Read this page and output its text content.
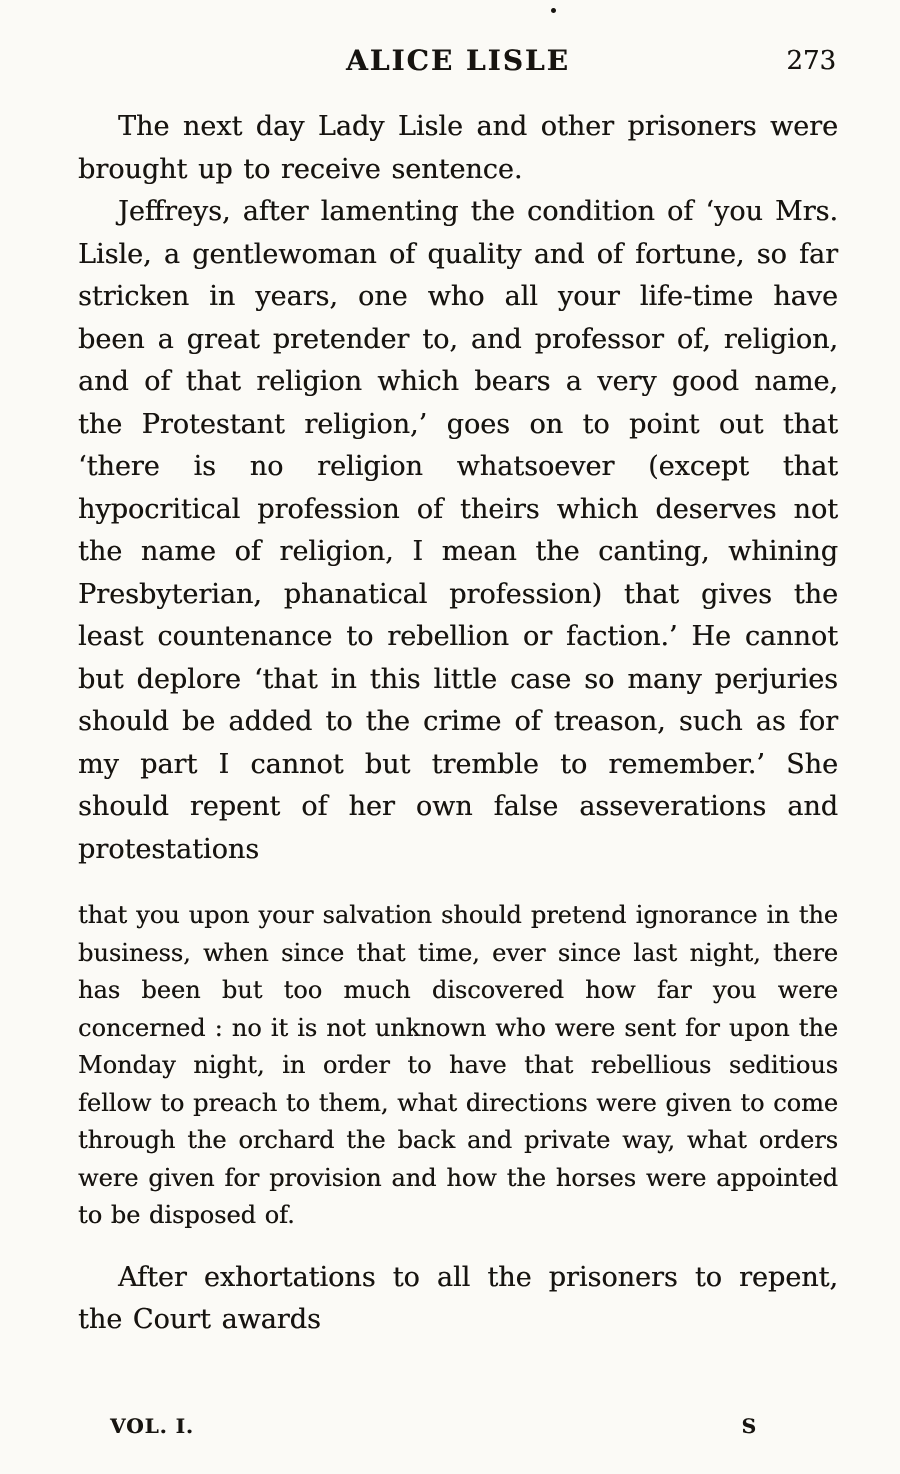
ALICE LISLE	273

The next day Lady Lisle and other prisoners were brought up to receive sentence.

Jeffreys, after lamenting the condition of ‘you Mrs. Lisle, a gentlewoman of quality and of fortune, so far stricken in years, one who all your life-time have been a great pretender to, and professor of, religion, and of that religion which bears a very good name, the Protestant religion,’ goes on to point out that ‘there is no religion whatsoever (except that hypocritical profession of theirs which deserves not the name of religion, I mean the canting, whining Presbyterian, phanatical profession) that gives the least countenance to rebellion or faction.’ He cannot but deplore ‘that in this little case so many perjuries should be added to the crime of treason, such as for my part I cannot but tremble to remember.’ She should repent of her own false asseverations and protestations

that you upon your salvation should pretend ignorance in the business, when since that time, ever since last night, there has been but too much discovered how far you were concerned : no it is not unknown who were sent for upon the Monday night, in order to have that rebellious seditious fellow to preach to them, what directions were given to come through the orchard the back and private way, what orders were given for provision and how the horses were appointed to be disposed of.

After exhortations to all the prisoners to repent, the Court awards

VOL. I.	S
